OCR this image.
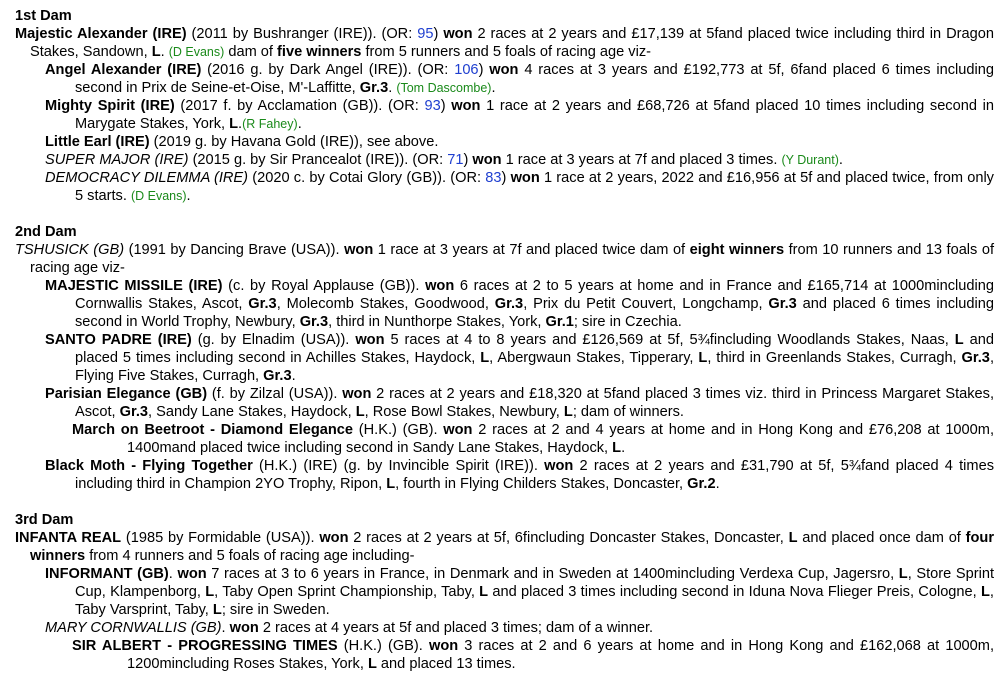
1st Dam
Majestic Alexander (IRE) (2011 by Bushranger (IRE)). (OR: 95) won 2 races at 2 years and £17,139 at 5fand placed twice including third in Dragon Stakes, Sandown, L. (D Evans) dam of five winners from 5 runners and 5 foals of racing age viz-
Angel Alexander (IRE) (2016 g. by Dark Angel (IRE)). (OR: 106) won 4 races at 3 years and £192,773 at 5f, 6fand placed 6 times including second in Prix de Seine-et-Oise, M'-Laffitte, Gr.3. (Tom Dascombe).
Mighty Spirit (IRE) (2017 f. by Acclamation (GB)). (OR: 93) won 1 race at 2 years and £68,726 at 5fand placed 10 times including second in Marygate Stakes, York, L.(R Fahey).
Little Earl (IRE) (2019 g. by Havana Gold (IRE)), see above.
SUPER MAJOR (IRE) (2015 g. by Sir Prancealot (IRE)). (OR: 71) won 1 race at 3 years at 7f and placed 3 times. (Y Durant).
DEMOCRACY DILEMMA (IRE) (2020 c. by Cotai Glory (GB)). (OR: 83) won 1 race at 2 years, 2022 and £16,956 at 5f and placed twice, from only 5 starts. (D Evans).
2nd Dam
TSHUSICK (GB) (1991 by Dancing Brave (USA)). won 1 race at 3 years at 7f and placed twice dam of eight winners from 10 runners and 13 foals of racing age viz-
MAJESTIC MISSILE (IRE) (c. by Royal Applause (GB)). won 6 races at 2 to 5 years at home and in France and £165,714 at 1000mincluding Cornwallis Stakes, Ascot, Gr.3, Molecomb Stakes, Goodwood, Gr.3, Prix du Petit Couvert, Longchamp, Gr.3 and placed 6 times including second in World Trophy, Newbury, Gr.3, third in Nunthorpe Stakes, York, Gr.1; sire in Czechia.
SANTO PADRE (IRE) (g. by Elnadim (USA)). won 5 races at 4 to 8 years and £126,569 at 5f, 5¾fincluding Woodlands Stakes, Naas, L and placed 5 times including second in Achilles Stakes, Haydock, L, Abergwaun Stakes, Tipperary, L, third in Greenlands Stakes, Curragh, Gr.3, Flying Five Stakes, Curragh, Gr.3.
Parisian Elegance (GB) (f. by Zilzal (USA)). won 2 races at 2 years and £18,320 at 5fand placed 3 times viz. third in Princess Margaret Stakes, Ascot, Gr.3, Sandy Lane Stakes, Haydock, L, Rose Bowl Stakes, Newbury, L; dam of winners.
March on Beetroot - Diamond Elegance (H.K.) (GB). won 2 races at 2 and 4 years at home and in Hong Kong and £76,208 at 1000m, 1400mand placed twice including second in Sandy Lane Stakes, Haydock, L.
Black Moth - Flying Together (H.K.) (IRE) (g. by Invincible Spirit (IRE)). won 2 races at 2 years and £31,790 at 5f, 5¾fand placed 4 times including third in Champion 2YO Trophy, Ripon, L, fourth in Flying Childers Stakes, Doncaster, Gr.2.
3rd Dam
INFANTA REAL (1985 by Formidable (USA)). won 2 races at 2 years at 5f, 6fincluding Doncaster Stakes, Doncaster, L and placed once dam of four winners from 4 runners and 5 foals of racing age including-
INFORMANT (GB). won 7 races at 3 to 6 years in France, in Denmark and in Sweden at 1400mincluding Verdexa Cup, Jagersro, L, Store Sprint Cup, Klampenborg, L, Taby Open Sprint Championship, Taby, L and placed 3 times including second in Iduna Nova Flieger Preis, Cologne, L, Taby Varsprint, Taby, L; sire in Sweden.
MARY CORNWALLIS (GB). won 2 races at 4 years at 5f and placed 3 times; dam of a winner.
SIR ALBERT - PROGRESSING TIMES (H.K.) (GB). won 3 races at 2 and 6 years at home and in Hong Kong and £162,068 at 1000m, 1200mincluding Roses Stakes, York, L and placed 13 times.
